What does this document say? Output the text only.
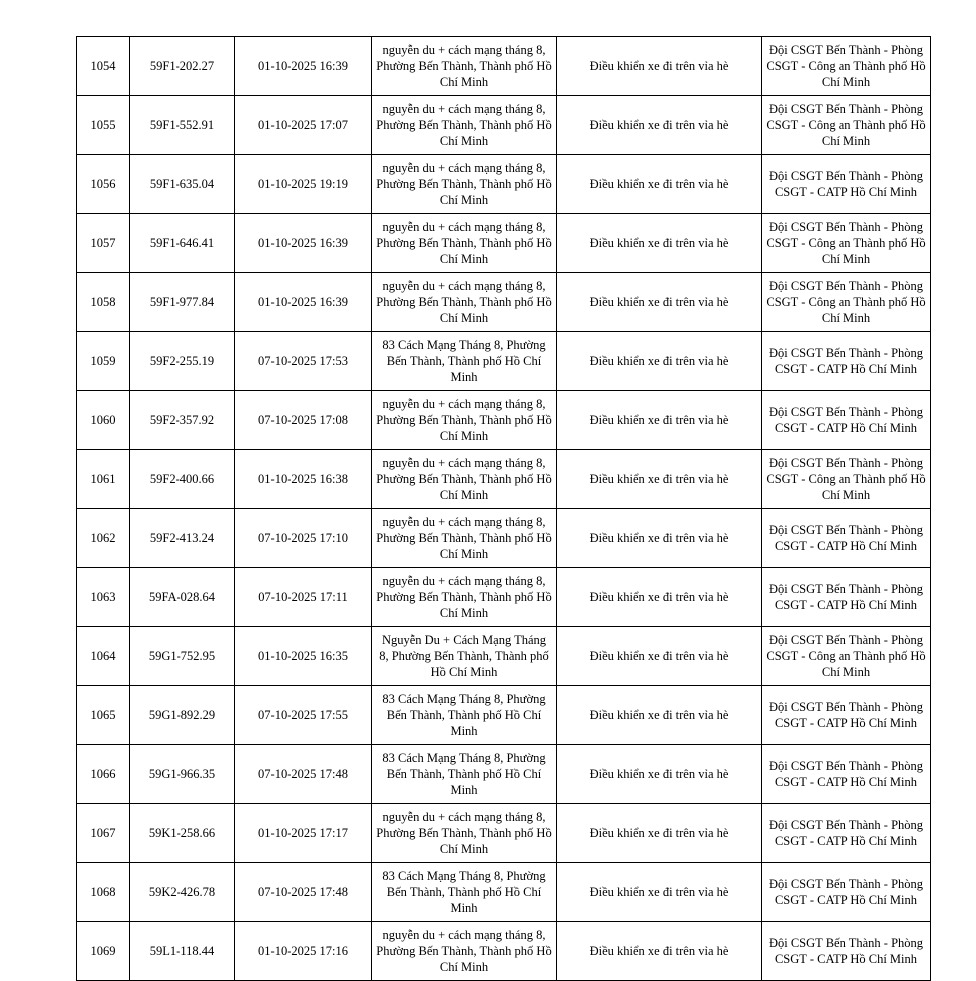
1054	59F1-202.27	01-10-2025 16:39	nguyễn du + cách mạng tháng 8, Phường Bến Thành, Thành phố Hồ Chí Minh	Điều khiển xe đi trên vỉa hè	Đội CSGT Bến Thành - Phòng CSGT - Công an Thành phố Hồ Chí Minh
1055	59F1-552.91	01-10-2025 17:07	nguyễn du + cách mạng tháng 8, Phường Bến Thành, Thành phố Hồ Chí Minh	Điều khiển xe đi trên vỉa hè	Đội CSGT Bến Thành - Phòng CSGT - Công an Thành phố Hồ Chí Minh
1056	59F1-635.04	01-10-2025 19:19	nguyễn du + cách mạng tháng 8, Phường Bến Thành, Thành phố Hồ Chí Minh	Điều khiển xe đi trên vỉa hè	Đội CSGT Bến Thành - Phòng CSGT - CATP Hồ Chí Minh
1057	59F1-646.41	01-10-2025 16:39	nguyễn du + cách mạng tháng 8, Phường Bến Thành, Thành phố Hồ Chí Minh	Điều khiển xe đi trên vỉa hè	Đội CSGT Bến Thành - Phòng CSGT - Công an Thành phố Hồ Chí Minh
1058	59F1-977.84	01-10-2025 16:39	nguyễn du + cách mạng tháng 8, Phường Bến Thành, Thành phố Hồ Chí Minh	Điều khiển xe đi trên vỉa hè	Đội CSGT Bến Thành - Phòng CSGT - Công an Thành phố Hồ Chí Minh
1059	59F2-255.19	07-10-2025 17:53	83 Cách Mạng Tháng 8, Phường Bến Thành, Thành phố Hồ Chí Minh	Điều khiển xe đi trên vỉa hè	Đội CSGT Bến Thành - Phòng CSGT - CATP Hồ Chí Minh
1060	59F2-357.92	07-10-2025 17:08	nguyễn du + cách mạng tháng 8, Phường Bến Thành, Thành phố Hồ Chí Minh	Điều khiển xe đi trên vỉa hè	Đội CSGT Bến Thành - Phòng CSGT - CATP Hồ Chí Minh
1061	59F2-400.66	01-10-2025 16:38	nguyễn du + cách mạng tháng 8, Phường Bến Thành, Thành phố Hồ Chí Minh	Điều khiển xe đi trên vỉa hè	Đội CSGT Bến Thành - Phòng CSGT - Công an Thành phố Hồ Chí Minh
1062	59F2-413.24	07-10-2025 17:10	nguyễn du + cách mạng tháng 8, Phường Bến Thành, Thành phố Hồ Chí Minh	Điều khiển xe đi trên vỉa hè	Đội CSGT Bến Thành - Phòng CSGT - CATP Hồ Chí Minh
1063	59FA-028.64	07-10-2025 17:11	nguyễn du + cách mạng tháng 8, Phường Bến Thành, Thành phố Hồ Chí Minh	Điều khiển xe đi trên vỉa hè	Đội CSGT Bến Thành - Phòng CSGT - CATP Hồ Chí Minh
1064	59G1-752.95	01-10-2025 16:35	Nguyễn Du + Cách Mạng Tháng 8, Phường Bến Thành, Thành phố Hồ Chí Minh	Điều khiển xe đi trên vỉa hè	Đội CSGT Bến Thành - Phòng CSGT - Công an Thành phố Hồ Chí Minh
1065	59G1-892.29	07-10-2025 17:55	83 Cách Mạng Tháng 8, Phường Bến Thành, Thành phố Hồ Chí Minh	Điều khiển xe đi trên vỉa hè	Đội CSGT Bến Thành - Phòng CSGT - CATP Hồ Chí Minh
1066	59G1-966.35	07-10-2025 17:48	83 Cách Mạng Tháng 8, Phường Bến Thành, Thành phố Hồ Chí Minh	Điều khiển xe đi trên vỉa hè	Đội CSGT Bến Thành - Phòng CSGT - CATP Hồ Chí Minh
1067	59K1-258.66	01-10-2025 17:17	nguyễn du + cách mạng tháng 8, Phường Bến Thành, Thành phố Hồ Chí Minh	Điều khiển xe đi trên vỉa hè	Đội CSGT Bến Thành - Phòng CSGT - CATP Hồ Chí Minh
1068	59K2-426.78	07-10-2025 17:48	83 Cách Mạng Tháng 8, Phường Bến Thành, Thành phố Hồ Chí Minh	Điều khiển xe đi trên vỉa hè	Đội CSGT Bến Thành - Phòng CSGT - CATP Hồ Chí Minh
1069	59L1-118.44	01-10-2025 17:16	nguyễn du + cách mạng tháng 8, Phường Bến Thành, Thành phố Hồ Chí Minh	Điều khiển xe đi trên vỉa hè	Đội CSGT Bến Thành - Phòng CSGT - CATP Hồ Chí Minh
